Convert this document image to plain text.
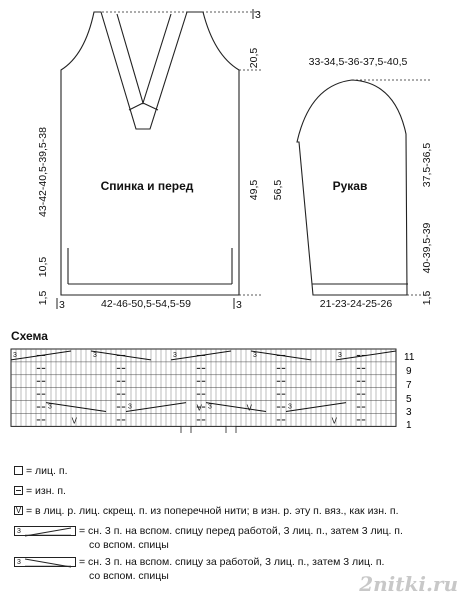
Спинка и перед	Рукав
20,5
49,5 56,5
43-42-40,5-39,5-38
10,5
1,5	42-46-50,5-54,5-59
3
3	3
33-34,5-36-37,5-40,5
37,5-36,5
40-39,5-39
1,5
21-23-24-25-26
Схема
3	3	3	3	3
3	3	3	3
V	V
V	V
11
9
7
5
3
1
= лиц. п.
= изн. п.
V = в лиц. р. лиц. скрещ. п. из поперечной нити; в изн. р. эту п. вяз., как изн. п.
3	= сн. 3 п. на вспом. спицу перед работой, 3 лиц. п., затем 3 лиц. п.
со вспом. спицы
3	= сн. 3 п. на вспом. спицу за работой, 3 лиц. п., затем 3 лиц. п.
со вспом. спицы	2nitki.ru
